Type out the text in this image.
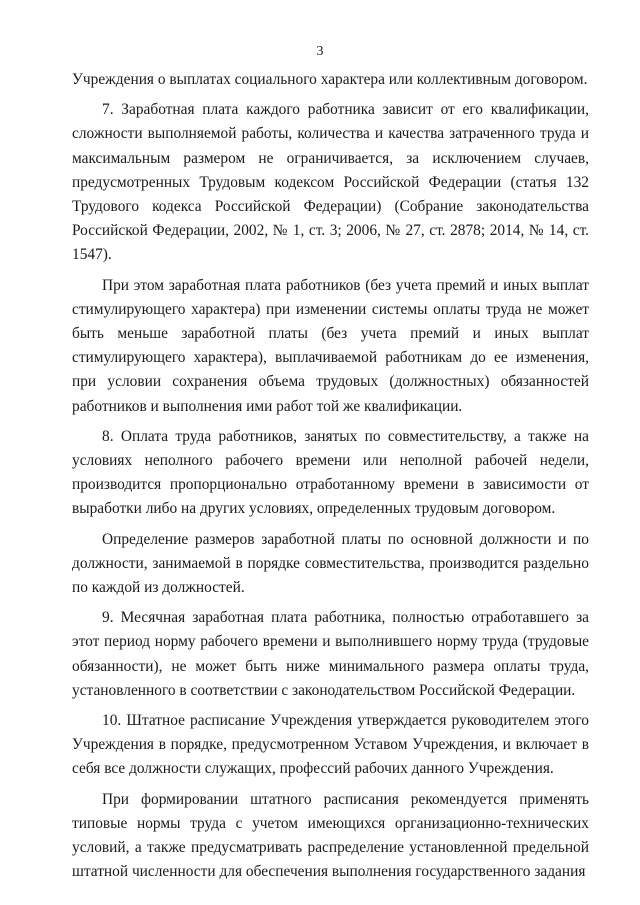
3

Учреждения о выплатах социального характера или коллективным договором.

7. Заработная плата каждого работника зависит от его квалификации, сложности выполняемой работы, количества и качества затраченного труда и максимальным размером не ограничивается, за исключением случаев, предусмотренных Трудовым кодексом Российской Федерации (статья 132 Трудового кодекса Российской Федерации) (Собрание законодательства Российской Федерации, 2002, № 1, ст. 3; 2006, № 27, ст. 2878; 2014, № 14, ст. 1547).

При этом заработная плата работников (без учета премий и иных выплат стимулирующего характера) при изменении системы оплаты труда не может быть меньше заработной платы (без учета премий и иных выплат стимулирующего характера), выплачиваемой работникам до ее изменения, при условии сохранения объема трудовых (должностных) обязанностей работников и выполнения ими работ той же квалификации.

8. Оплата труда работников, занятых по совместительству, а также на условиях неполного рабочего времени или неполной рабочей недели, производится пропорционально отработанному времени в зависимости от выработки либо на других условиях, определенных трудовым договором.

Определение размеров заработной платы по основной должности и по должности, занимаемой в порядке совместительства, производится раздельно по каждой из должностей.

9. Месячная заработная плата работника, полностью отработавшего за этот период норму рабочего времени и выполнившего норму труда (трудовые обязанности), не может быть ниже минимального размера оплаты труда, установленного в соответствии с законодательством Российской Федерации.

10. Штатное расписание Учреждения утверждается руководителем этого Учреждения в порядке, предусмотренном Уставом Учреждения, и включает в себя все должности служащих, профессий рабочих данного Учреждения.

При формировании штатного расписания рекомендуется применять типовые нормы труда с учетом имеющихся организационно-технических условий, а также предусматривать распределение установленной предельной штатной численности для обеспечения выполнения государственного задания
